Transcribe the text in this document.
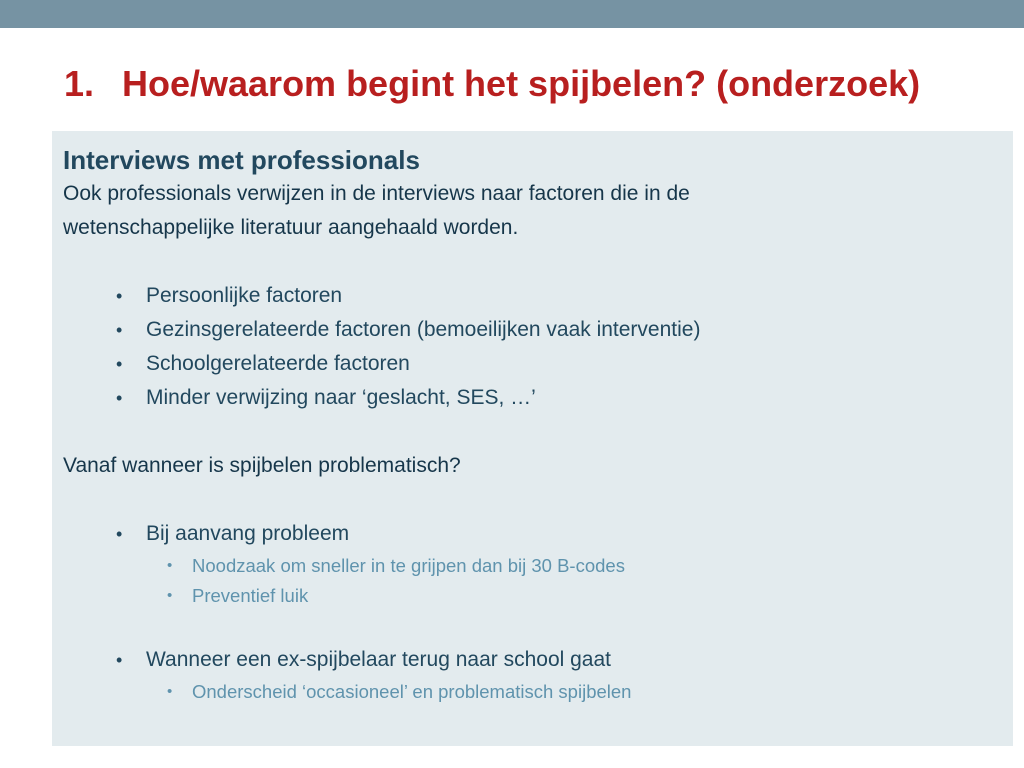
1. Hoe/waarom begint het spijbelen? (onderzoek)
Interviews met professionals
Ook professionals verwijzen in de interviews naar factoren die in de
wetenschappelijke literatuur aangehaald worden.
• Persoonlijke factoren
• Gezinsgerelateerde factoren (bemoeilijken vaak interventie)
• Schoolgerelateerde factoren
• Minder verwijzing naar ‘geslacht, SES, …’
Vanaf wanneer is spijbelen problematisch?
• Bij aanvang probleem
• Noodzaak om sneller in te grijpen dan bij 30 B-codes
• Preventief luik
• Wanneer een ex-spijbelaar terug naar school gaat
• Onderscheid ‘occasioneel’ en problematisch spijbelen
